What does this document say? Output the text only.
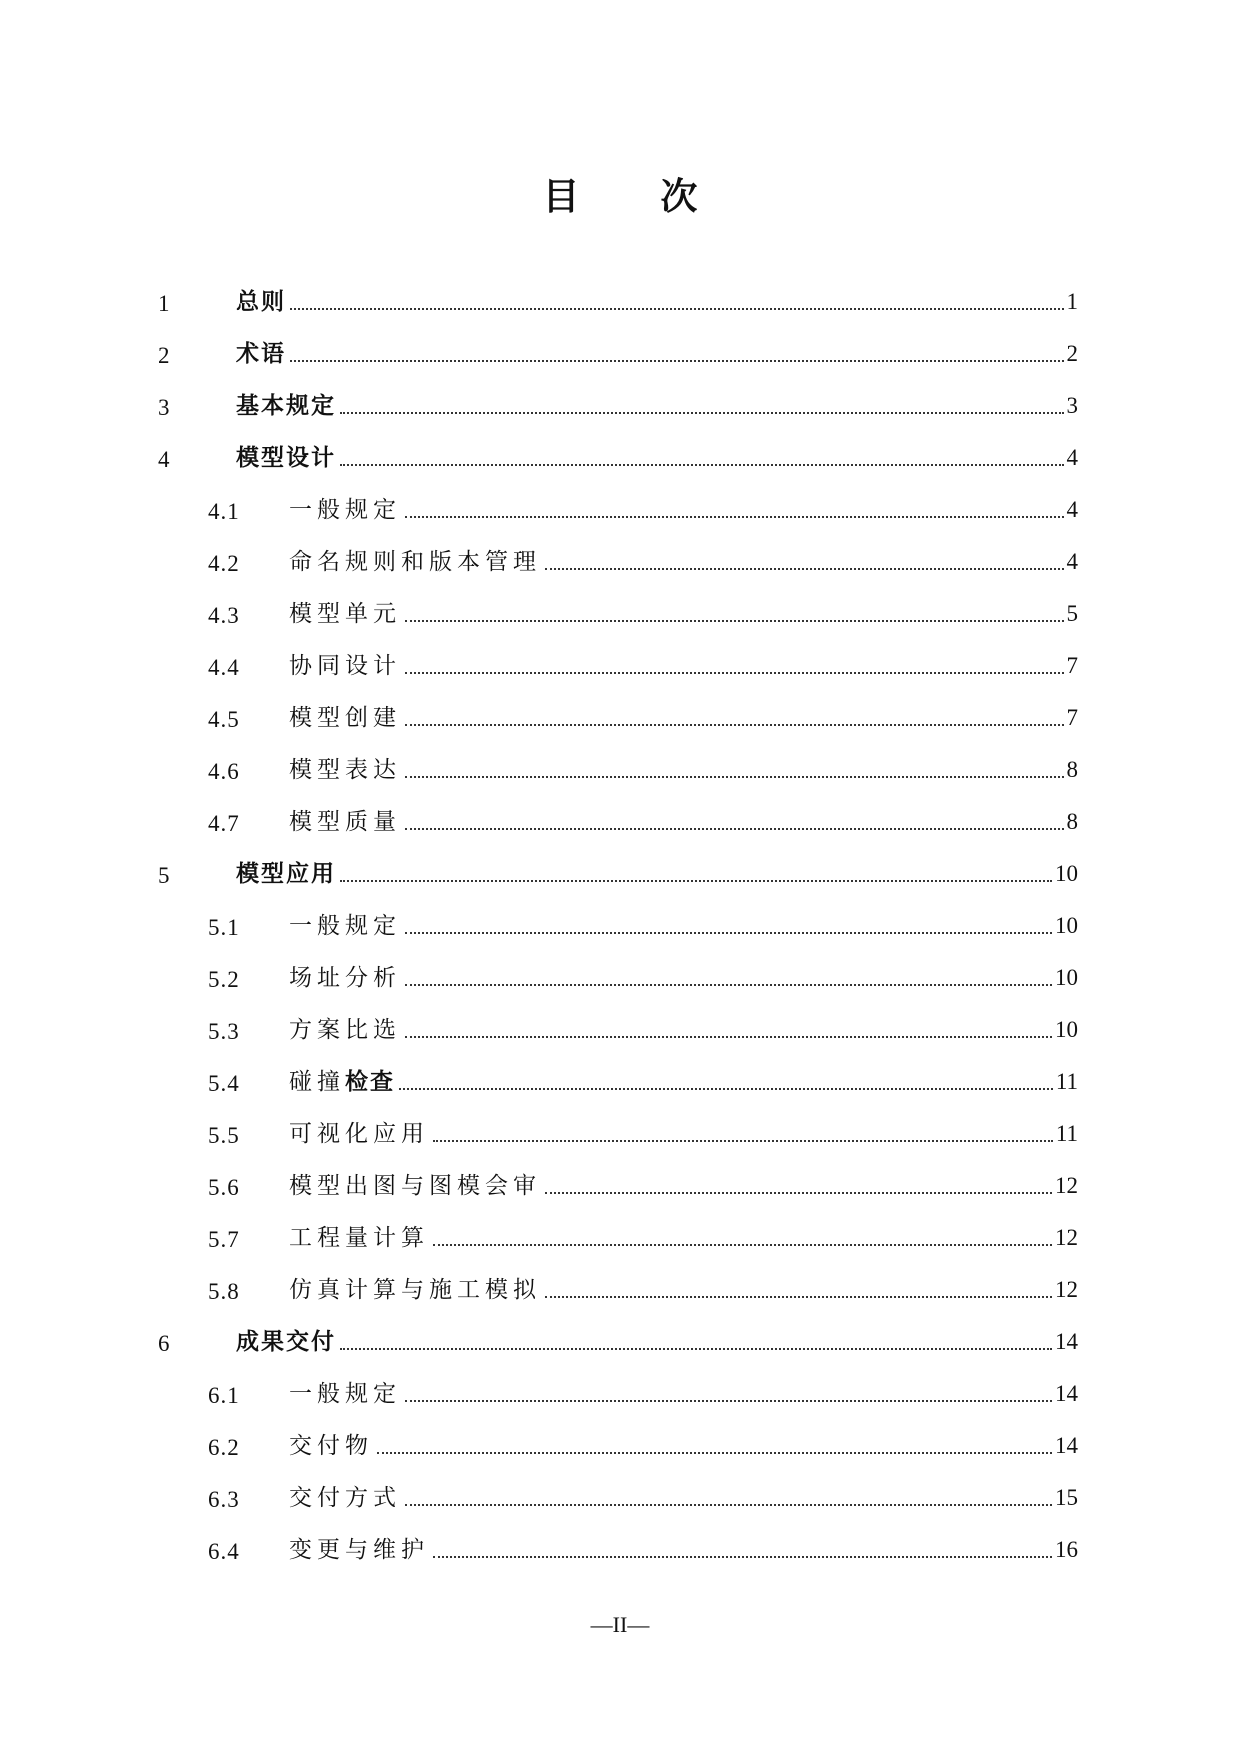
目 次
1	总则	1
2	术语	2
3	基本规定	3
4	模型设计	4
4.1 一般规定	4
4.2 命名规则和版本管理	4
4.3 模型单元	5
4.4 协同设计	7
4.5 模型创建	7
4.6 模型表达	8
4.7 模型质量	8
5	模型应用	10
5.1 一般规定	10
5.2 场址分析	10
5.3 方案比选	10
5.4 碰撞检查	11
5.5 可视化应用	11
5.6 模型出图与图模会审	12
5.7 工程量计算	12
5.8 仿真计算与施工模拟	12
6	成果交付	14
6.1 一般规定	14
6.2 交付物	14
6.3 交付方式	15
6.4 变更与维护	16
—II—
